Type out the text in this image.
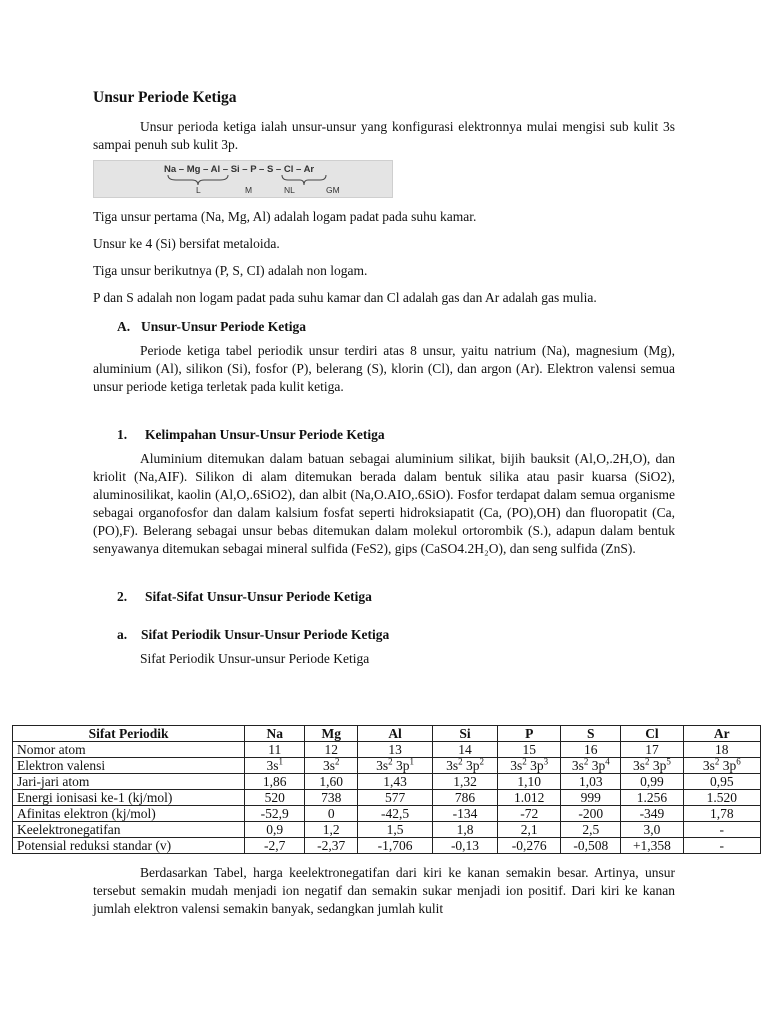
Unsur Periode Ketiga

Unsur perioda ketiga ialah unsur-unsur yang konfigurasi elektronnya mulai mengisi sub kulit 3s sampai penuh sub kulit 3p.

Na – Mg – Al – Si – P – S – Cl – Ar
L	M	NL	GM

Tiga unsur pertama (Na, Mg, Al) adalah logam padat pada suhu kamar.

Unsur ke 4 (Si) bersifat metaloida.

Tiga unsur berikutnya (P, S, CI) adalah non logam.

P dan S adalah non logam padat pada suhu kamar dan Cl adalah gas dan Ar adalah gas mulia.

A. Unsur-Unsur Periode Ketiga

Periode ketiga tabel periodik unsur terdiri atas 8 unsur, yaitu natrium (Na), magnesium (Mg), aluminium (Al), silikon (Si), fosfor (P), belerang (S), klorin (Cl), dan argon (Ar). Elektron valensi semua unsur periode ketiga terletak pada kulit ketiga.

1. Kelimpahan Unsur-Unsur Periode Ketiga

Aluminium ditemukan dalam batuan sebagai aluminium silikat, bijih bauksit (Al,O,.2H,O), dan kriolit (Na,AIF). Silikon di alam ditemukan berada dalam bentuk silika atau pasir kuarsa (SiO2), aluminosilikat, kaolin (Al,O,.6SiO2), dan albit (Na,O.AIO,.6SiO). Fosfor terdapat dalam semua organisme sebagai organofosfor dan dalam kalsium fosfat seperti hidroksiapatit (Ca, (PO),OH) dan fluoropatit (Ca, (PO),F). Belerang sebagai unsur bebas ditemukan dalam molekul ortorombik (S.), adapun dalam bentuk senyawanya ditemukan sebagai mineral sulfida (FeS2), gips (CaSO4.2H₂O), dan seng sulfida (ZnS).

2. Sifat-Sifat Unsur-Unsur Periode Ketiga
a. Sifat Periodik Unsur-Unsur Periode Ketiga
Sifat Periodik Unsur-unsur Periode Ketiga
Sifat Periodik	Na	Mg	Al	Si	P	S	Cl	Ar
Nomor atom	11	12	13	14	15	16	17	18
Elektron valensi	$3s^1$	$3s^2$	$3s^2$ $3p^1$	$3s^2$ $3p^2$	$3s^2$ $3p^3$	$3s^2$ $3p^4$	$3s^2$ $3p^5$	$3s^2$ $3p^6$
Jari-jari atom	1,86	1,60	1,43	1,32	1,10	1,03	0,99	0,95
Energi ionisasi ke-1 (kj/mol)	520	738	577	786	1.012	999	1.256	1.520
Afinitas elektron (kj/mol)	-52,9	0	-42,5	-134	-72	-200	-349	1,78
Keelektronegatifan	0,9	1,2	1,5	1,8	2,1	2,5	3,0	-
Potensial reduksi standar (v)	-2,7	-2,37	-1,706	-0,13	-0,276	-0,508	+1,358	-

Berdasarkan Tabel, harga keelektronegatifan dari kiri ke kanan semakin besar. Artinya, unsur tersebut semakin mudah menjadi ion negatif dan semakin sukar menjadi ion positif. Dari kiri ke kanan jumlah elektron valensi semakin banyak, sedangkan jumlah kulit
